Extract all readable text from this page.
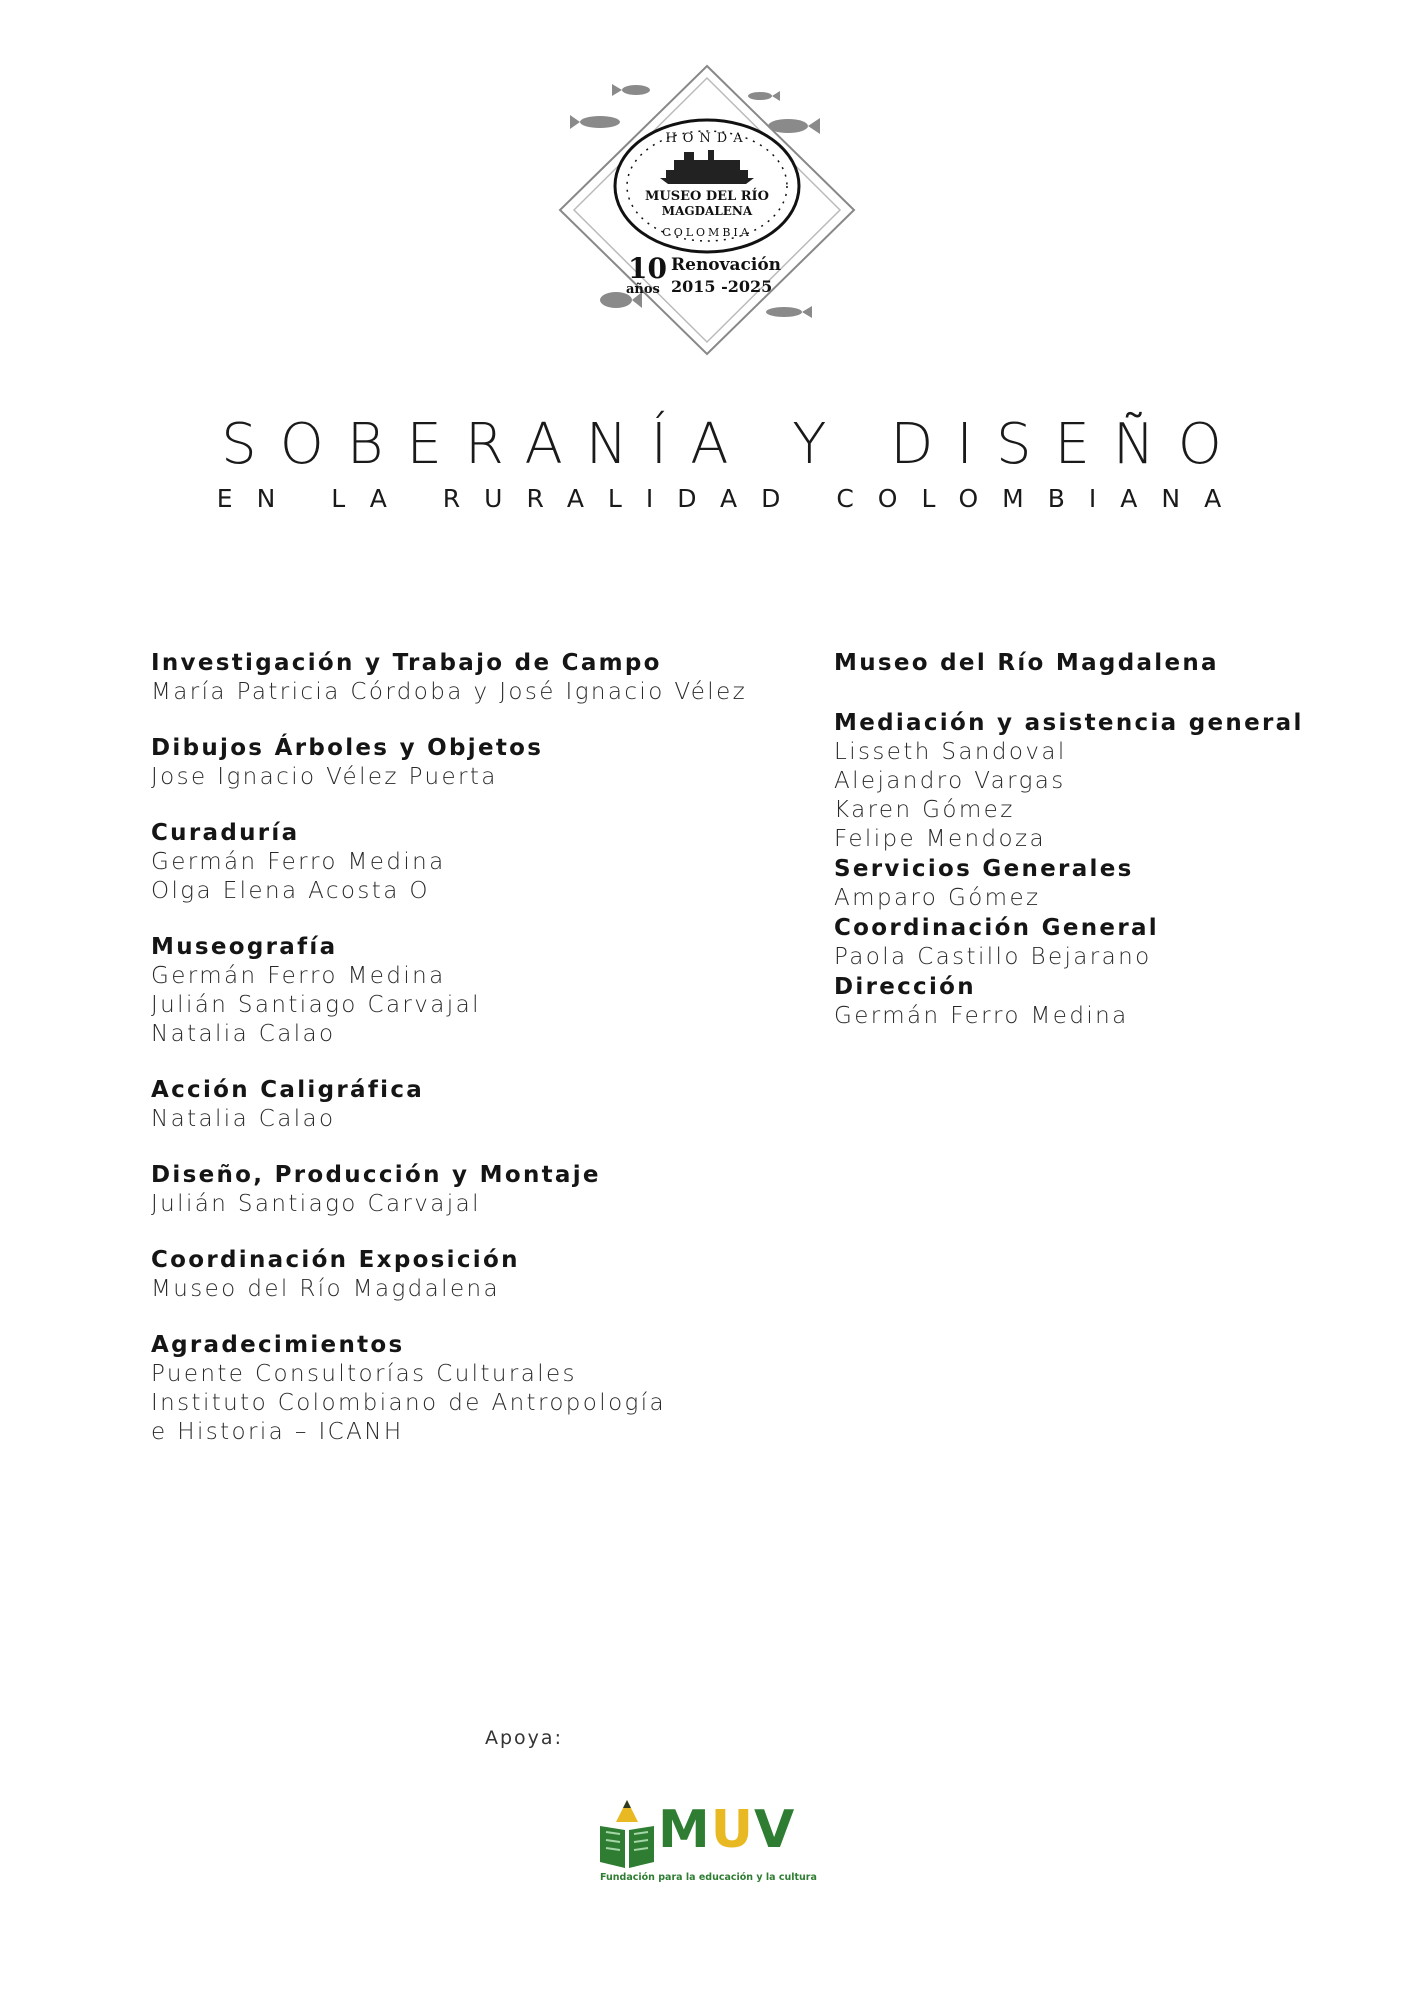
HONDA
MUSEO DEL RÍO
MAGDALENA
COLOMBIA
10
años
Renovación
2015 -2025
SOBERANÍA Y DISEÑO
EN LA RURALIDAD COLOMBIANA
Investigación y Trabajo de Campo
María Patricia Córdoba y José Ignacio Vélez
Dibujos Árboles y Objetos
Jose Ignacio Vélez Puerta
Curaduría
Germán Ferro Medina
Olga Elena Acosta O
Museografía
Germán Ferro Medina
Julián Santiago Carvajal
Natalia Calao
Acción Caligráfica
Natalia Calao
Diseño, Producción y Montaje
Julián Santiago Carvajal
Coordinación Exposición
Museo del Río Magdalena
Agradecimientos
Puente Consultorías Culturales
Instituto Colombiano de Antropología
e Historia – ICANH
Museo del Río Magdalena
Mediación y asistencia general
Lisseth Sandoval
Alejandro Vargas
Karen Gómez
Felipe Mendoza
Servicios Generales
Amparo Gómez
Coordinación General
Paola Castillo Bejarano
Dirección
Germán Ferro Medina
Apoya:
MUV
Fundación para la educación y la cultura
